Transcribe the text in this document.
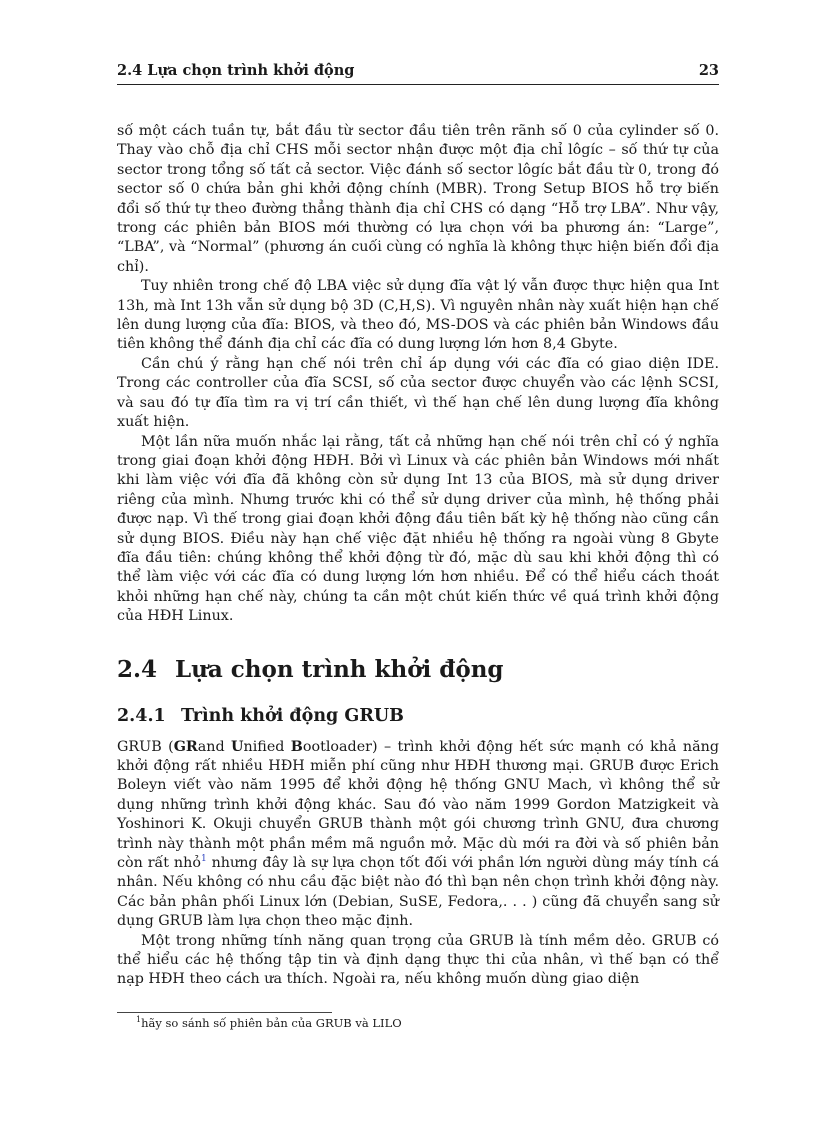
2.4 Lựa chọn trình khởi động	23

số một cách tuần tự, bắt đầu từ sector đầu tiên trên rãnh số 0 của cylinder số 0. Thay vào chỗ địa chỉ CHS mỗi sector nhận được một địa chỉ lôgíc – số thứ tự của sector trong tổng số tất cả sector. Việc đánh số sector lôgíc bắt đầu từ 0, trong đó sector số 0 chứa bản ghi khởi động chính (MBR). Trong Setup BIOS hỗ trợ biến đổi số thứ tự theo đường thẳng thành địa chỉ CHS có dạng “Hỗ trợ LBA”. Như vậy, trong các phiên bản BIOS mới thường có lựa chọn với ba phương án: “Large”, “LBA”, và “Normal” (phương án cuối cùng có nghĩa là không thực hiện biến đổi địa chỉ).

Tuy nhiên trong chế độ LBA việc sử dụng đĩa vật lý vẫn được thực hiện qua Int 13h, mà Int 13h vẫn sử dụng bộ 3D (C,H,S). Vì nguyên nhân này xuất hiện hạn chế lên dung lượng của đĩa: BIOS, và theo đó, MS-DOS và các phiên bản Windows đầu tiên không thể đánh địa chỉ các đĩa có dung lượng lớn hơn 8,4 Gbyte.

Cần chú ý rằng hạn chế nói trên chỉ áp dụng với các đĩa có giao diện IDE. Trong các controller của đĩa SCSI, số của sector được chuyển vào các lệnh SCSI, và sau đó tự đĩa tìm ra vị trí cần thiết, vì thế hạn chế lên dung lượng đĩa không xuất hiện.

Một lần nữa muốn nhắc lại rằng, tất cả những hạn chế nói trên chỉ có ý nghĩa trong giai đoạn khởi động HĐH. Bởi vì Linux và các phiên bản Windows mới nhất khi làm việc với đĩa đã không còn sử dụng Int 13 của BIOS, mà sử dụng driver riêng của mình. Nhưng trước khi có thể sử dụng driver của mình, hệ thống phải được nạp. Vì thế trong giai đoạn khởi động đầu tiên bất kỳ hệ thống nào cũng cần sử dụng BIOS. Điều này hạn chế việc đặt nhiều hệ thống ra ngoài vùng 8 Gbyte đĩa đầu tiên: chúng không thể khởi động từ đó, mặc dù sau khi khởi động thì có thể làm việc với các đĩa có dung lượng lớn hơn nhiều. Để có thể hiểu cách thoát khỏi những hạn chế này, chúng ta cần một chút kiến thức về quá trình khởi động của HĐH Linux.

2.4 Lựa chọn trình khởi động
2.4.1 Trình khởi động GRUB

GRUB (GRand Unified Bootloader) – trình khởi động hết sức mạnh có khả năng khởi động rất nhiều HĐH miễn phí cũng như HĐH thương mại. GRUB được Erich Boleyn viết vào năm 1995 để khởi động hệ thống GNU Mach, vì không thể sử dụng những trình khởi động khác. Sau đó vào năm 1999 Gordon Matzigkeit và Yoshinori K. Okuji chuyển GRUB thành một gói chương trình GNU, đưa chương trình này thành một phần mềm mã nguồn mở. Mặc dù mới ra đời và số phiên bản còn rất nhỏ$^1$ nhưng đây là sự lựa chọn tốt đối với phần lớn người dùng máy tính cá nhân. Nếu không có nhu cầu đặc biệt nào đó thì bạn nên chọn trình khởi động này. Các bản phân phối Linux lớn (Debian, SuSE, Fedora,. . . ) cũng đã chuyển sang sử dụng GRUB làm lựa chọn theo mặc định.

Một trong những tính năng quan trọng của GRUB là tính mềm dẻo. GRUB có thể hiểu các hệ thống tập tin và định dạng thực thi của nhân, vì thế bạn có thể nạp HĐH theo cách ưa thích. Ngoài ra, nếu không muốn dùng giao diện

$^1$hãy so sánh số phiên bản của GRUB và LILO
